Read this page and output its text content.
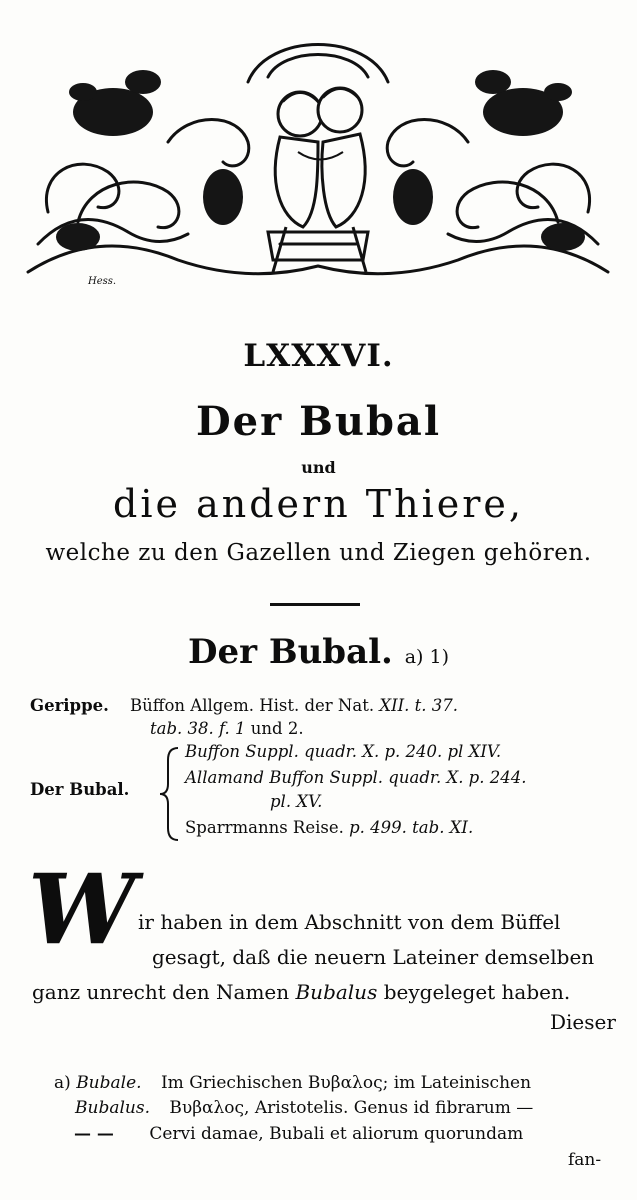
Hess.
LXXXVI.
Der Bubal
und
die andern Thiere,
welche zu den Gazellen und Ziegen gehören.
Der Bubal. a) 1)
Gerippe. Büffon Allgem. Hist. der Nat. XII. t. 37.
tab. 38. f. 1 und 2.
Der Bubal.
Buffon Suppl. quadr. X. p. 240. pl XIV.
Allamand Buffon Suppl. quadr. X. p. 244.
pl. XV.
Sparrmanns Reise. p. 499. tab. XI.
W ir haben in dem Abschnitt von dem Büffel
gesagt, daß die neuern Lateiner demselben
ganz unrecht den Namen Bubalus beygeleget haben.
Dieser
a) Bubale. Im Griechischen Βυβαλος; im Lateinischen
Bubalus. Βυβαλος, Aristotelis. Genus id fibrarum —
— — Cervi damae, Bubali et aliorum quorundam
fan-
